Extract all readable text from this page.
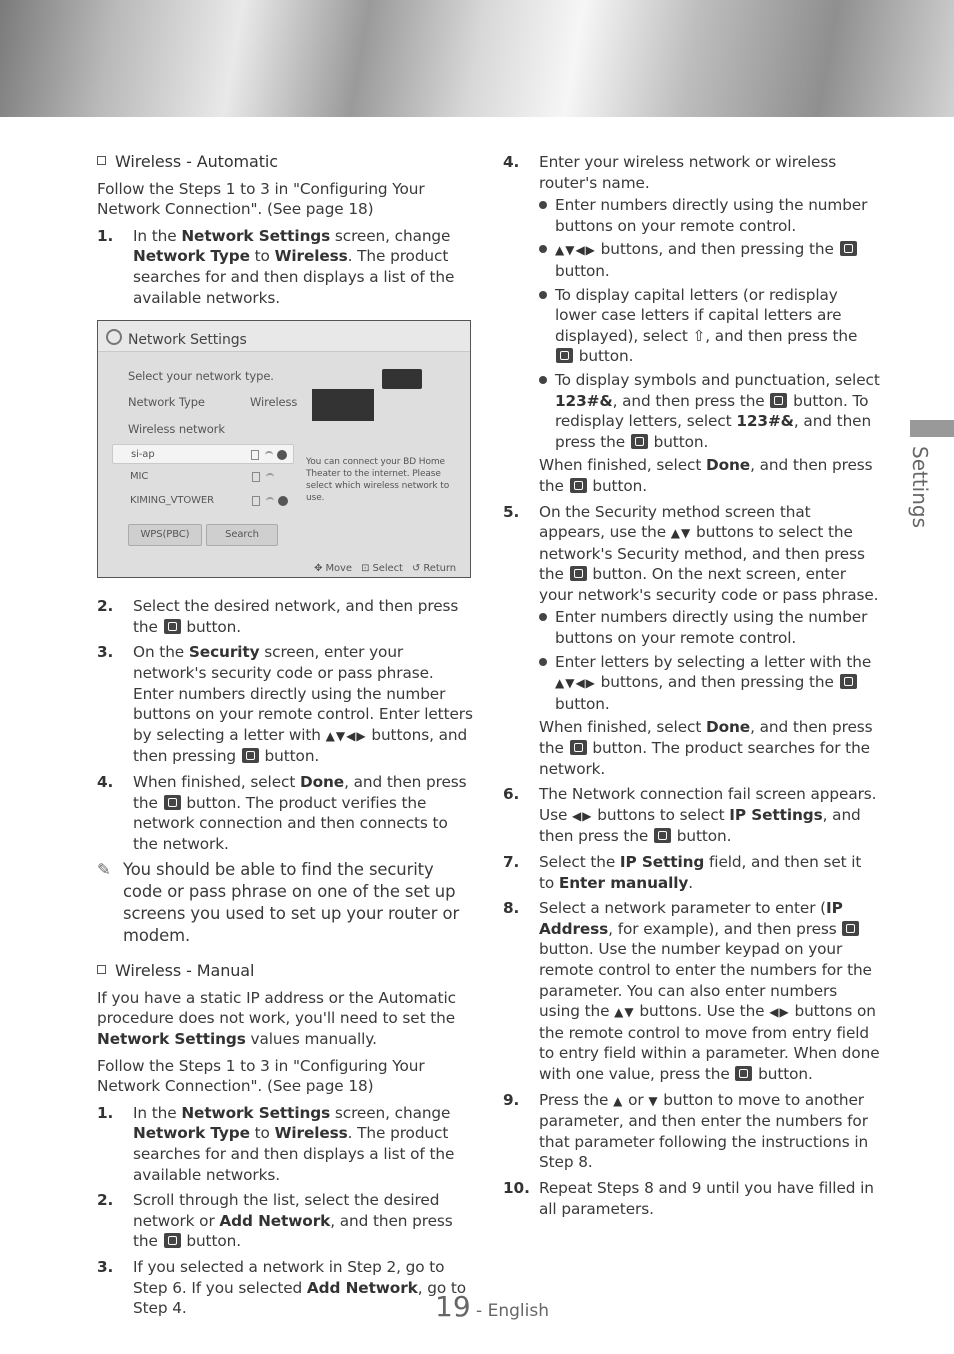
Wireless - Automatic

Follow the Steps 1 to 3 in "Configuring Your Network Connection". (See page 18)

1.	In the Network Settings screen, change Network Type to Wireless. The product searches for and then displays a list of the available networks.
Network Settings
Select your network type.
Network Type	Wireless
Wireless network
si-ap
MIC
KIMING_VTOWER
WPS(PBC)	Search
You can connect your BD Home Theater to the internet. Please select which wireless network to use.
✥ Move   ⊡ Select   ↺ Return
2.	Select the desired network, and then press the  button.
3.	On the Security screen, enter your network's security code or pass phrase.
Enter numbers directly using the number buttons on your remote control. Enter letters by selecting a letter with ▲▼◀▶ buttons, and then pressing  button.
4.	When finished, select Done, and then press the  button. The product verifies the network connection and then connects to the network.
✎ You should be able to find the security code or pass phrase on one of the set up screens you used to set up your router or modem.
Wireless - Manual

If you have a static IP address or the Automatic procedure does not work, you'll need to set the Network Settings values manually.

Follow the Steps 1 to 3 in "Configuring Your Network Connection". (See page 18)

1.	In the Network Settings screen, change Network Type to Wireless. The product searches for and then displays a list of the available networks.
2.	Scroll through the list, select the desired network or Add Network, and then press the  button.
3.	If you selected a network in Step 2, go to Step 6. If you selected Add Network, go to Step 4.
4.	Enter your wireless network or wireless router's name.
Enter numbers directly using the number buttons on your remote control.
▲▼◀▶ buttons, and then pressing the  button.
To display capital letters (or redisplay lower case letters if capital letters are displayed), select ⇧, and then press the  button.
To display symbols and punctuation, select 123#&, and then press the  button. To redisplay letters, select 123#&, and then press the  button.
When finished, select Done, and then press the  button.
5.	On the Security method screen that appears, use the ▲▼ buttons to select the network's Security method, and then press the  button. On the next screen, enter your network's security code or pass phrase.
Enter numbers directly using the number buttons on your remote control.
Enter letters by selecting a letter with the ▲▼◀▶ buttons, and then pressing the  button.
When finished, select Done, and then press the  button. The product searches for the network.
6.	The Network connection fail screen appears. Use ◀▶ buttons to select IP Settings, and then press the  button.
7.	Select the IP Setting field, and then set it to Enter manually.
8.	Select a network parameter to enter (IP Address, for example), and then press  button. Use the number keypad on your remote control to enter the numbers for the parameter. You can also enter numbers using the ▲▼ buttons. Use the ◀▶ buttons on the remote control to move from entry field to entry field within a parameter. When done with one value, press the  button.
9.	Press the ▲ or ▼ button to move to another parameter, and then enter the numbers for that parameter following the instructions in Step 8.
10. Repeat Steps 8 and 9 until you have filled in all parameters.
Settings
19 - English
